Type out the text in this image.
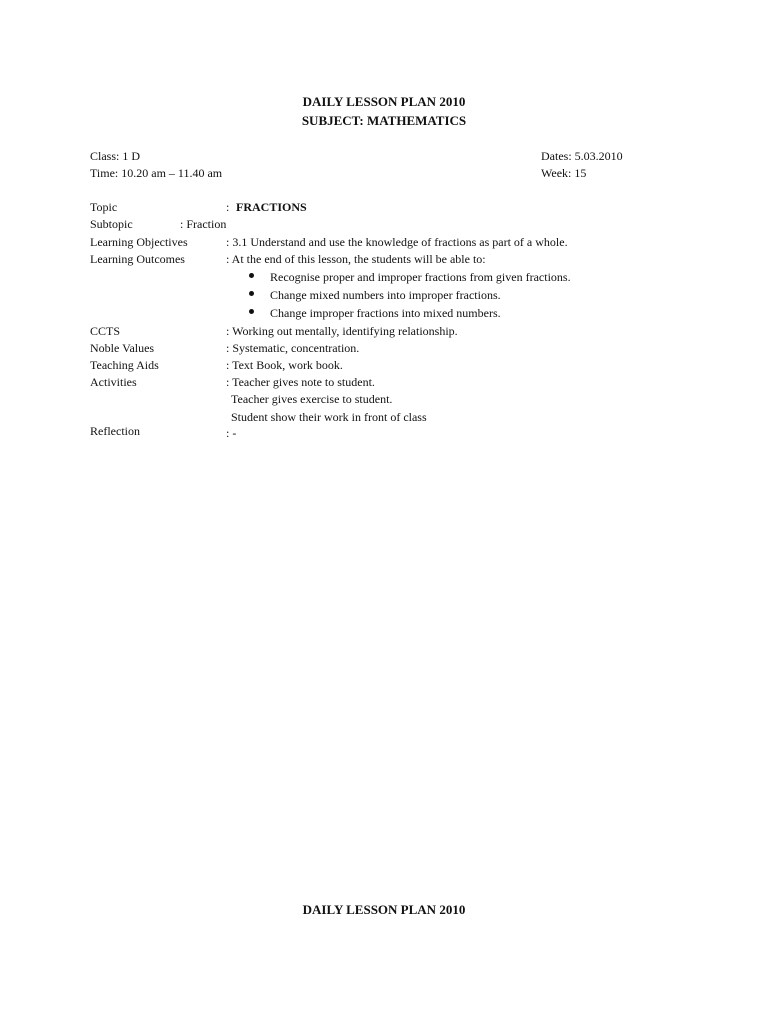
DAILY LESSON PLAN 2010
SUBJECT: MATHEMATICS
Class: 1 D
Time: 10.20 am – 11.40 am
Dates: 5.03.2010
Week: 15
Topic	: FRACTIONS
Subtopic	: Fraction
Learning Objectives	: 3.1 Understand and use the knowledge of fractions as part of a whole.
Learning Outcomes	: At the end of this lesson, the students will be able to:
Recognise proper and improper fractions from given fractions.
Change mixed numbers into improper fractions.
Change improper fractions into mixed numbers.
CCTS	: Working out mentally, identifying relationship.
Noble Values	: Systematic, concentration.
Teaching Aids	: Text Book, work book.
Activities	: Teacher gives note to student.
Teacher gives exercise to student.
Student show their work in front of class
Reflection	: -
DAILY LESSON PLAN 2010
